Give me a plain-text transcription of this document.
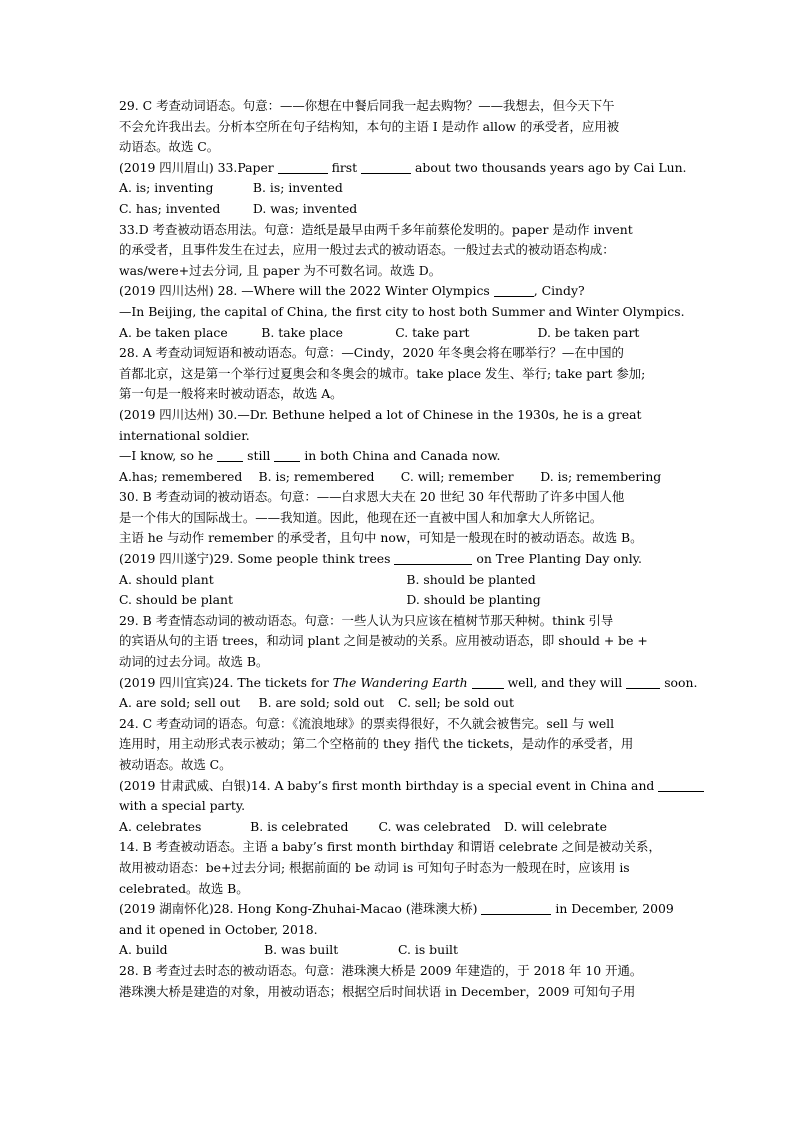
29. C 考查动词语态。句意：——你想在中餐后同我一起去购物？——我想去，但今天下午
不会允许我出去。分析本空所在句子结构知，本句的主语 I 是动作 allow 的承受者，应用被
动语态。故选 C。
(2019 四川眉山) 33.Paper	first	about two thousands years ago by Cai Lun.
A. is; inventing	B. is; invented
C. has; invented	D. was; invented
33.D 考查被动语态用法。句意：造纸是最早由两千多年前蔡伦发明的。paper 是动作 invent
的承受者，且事件发生在过去，应用一般过去式的被动语态。一般过去式的被动语态构成：
was/were+过去分词, 且 paper 为不可数名词。故选 D。
(2019 四川达州) 28. —Where will the 2022 Winter Olympics	, Cindy?
—In Beijing, the capital of China, the first city to host both Summer and Winter Olympics.
A. be taken place	B. take place	C. take part	D. be taken part
28. A 考查动词短语和被动语态。句意：—Cindy，2020 年冬奥会将在哪举行？—在中国的
首都北京，这是第一个举行过夏奥会和冬奥会的城市。take place 发生、举行; take part 参加;
第一句是一般将来时被动语态，故选 A。
(2019 四川达州) 30.—Dr. Bethune helped a lot of Chinese in the 1930s, he is a great
international soldier.
—I know, so he	still	in both China and Canada now.
A.has; remembered	B. is; remembered	C. will; remember	D. is; remembering
30. B 考查动词的被动语态。句意：——白求恩大夫在 20 世纪 30 年代帮助了许多中国人他
是一个伟大的国际战士。——我知道。因此，他现在还一直被中国人和加拿大人所铭记。
主语 he 与动作 remember 的承受者，且句中 now，可知是一般现在时的被动语态。故选 B。
(2019 四川遂宁)29. Some people think trees	on Tree Planting Day only.
A. should plant	B. should be planted
C. should be plant	D. should be planting
29. B 考查情态动词的被动语态。句意：一些人认为只应该在植树节那天种树。think 引导
的宾语从句的主语 trees，和动词 plant 之间是被动的关系。应用被动语态，即 should + be +
动词的过去分词。故选 B。
(2019 四川宜宾)24. The tickets for The Wandering Earth	well, and they will	soon.
A. are sold; sell out	B. are sold; sold out	C. sell; be sold out
24. C 考查动词的语态。句意：《流浪地球》的票卖得很好，不久就会被售完。sell 与 well
连用时，用主动形式表示被动；第二个空格前的 they 指代 the tickets，是动作的承受者，用
被动语态。故选 C。
(2019 甘肃武威、白银)14. A baby’s first month birthday is a special event in China and
with a special party.
A. celebrates	B. is celebrated	C. was celebrated	D. will celebrate
14. B 考查被动语态。主语 a baby’s first month birthday 和谓语 celebrate 之间是被动关系，
故用被动语态：be+过去分词; 根据前面的 be 动词 is 可知句子时态为一般现在时，应该用 is
celebrated。故选 B。
(2019 湖南怀化)28. Hong Kong-Zhuhai-Macao (港珠澳大桥)	in December, 2009
and it opened in October, 2018.
A. build	B. was built	C. is built
28. B 考查过去时态的被动语态。句意：港珠澳大桥是 2009 年建造的，于 2018 年 10 开通。
港珠澳大桥是建造的对象，用被动语态；根据空后时间状语 in December，2009 可知句子用
